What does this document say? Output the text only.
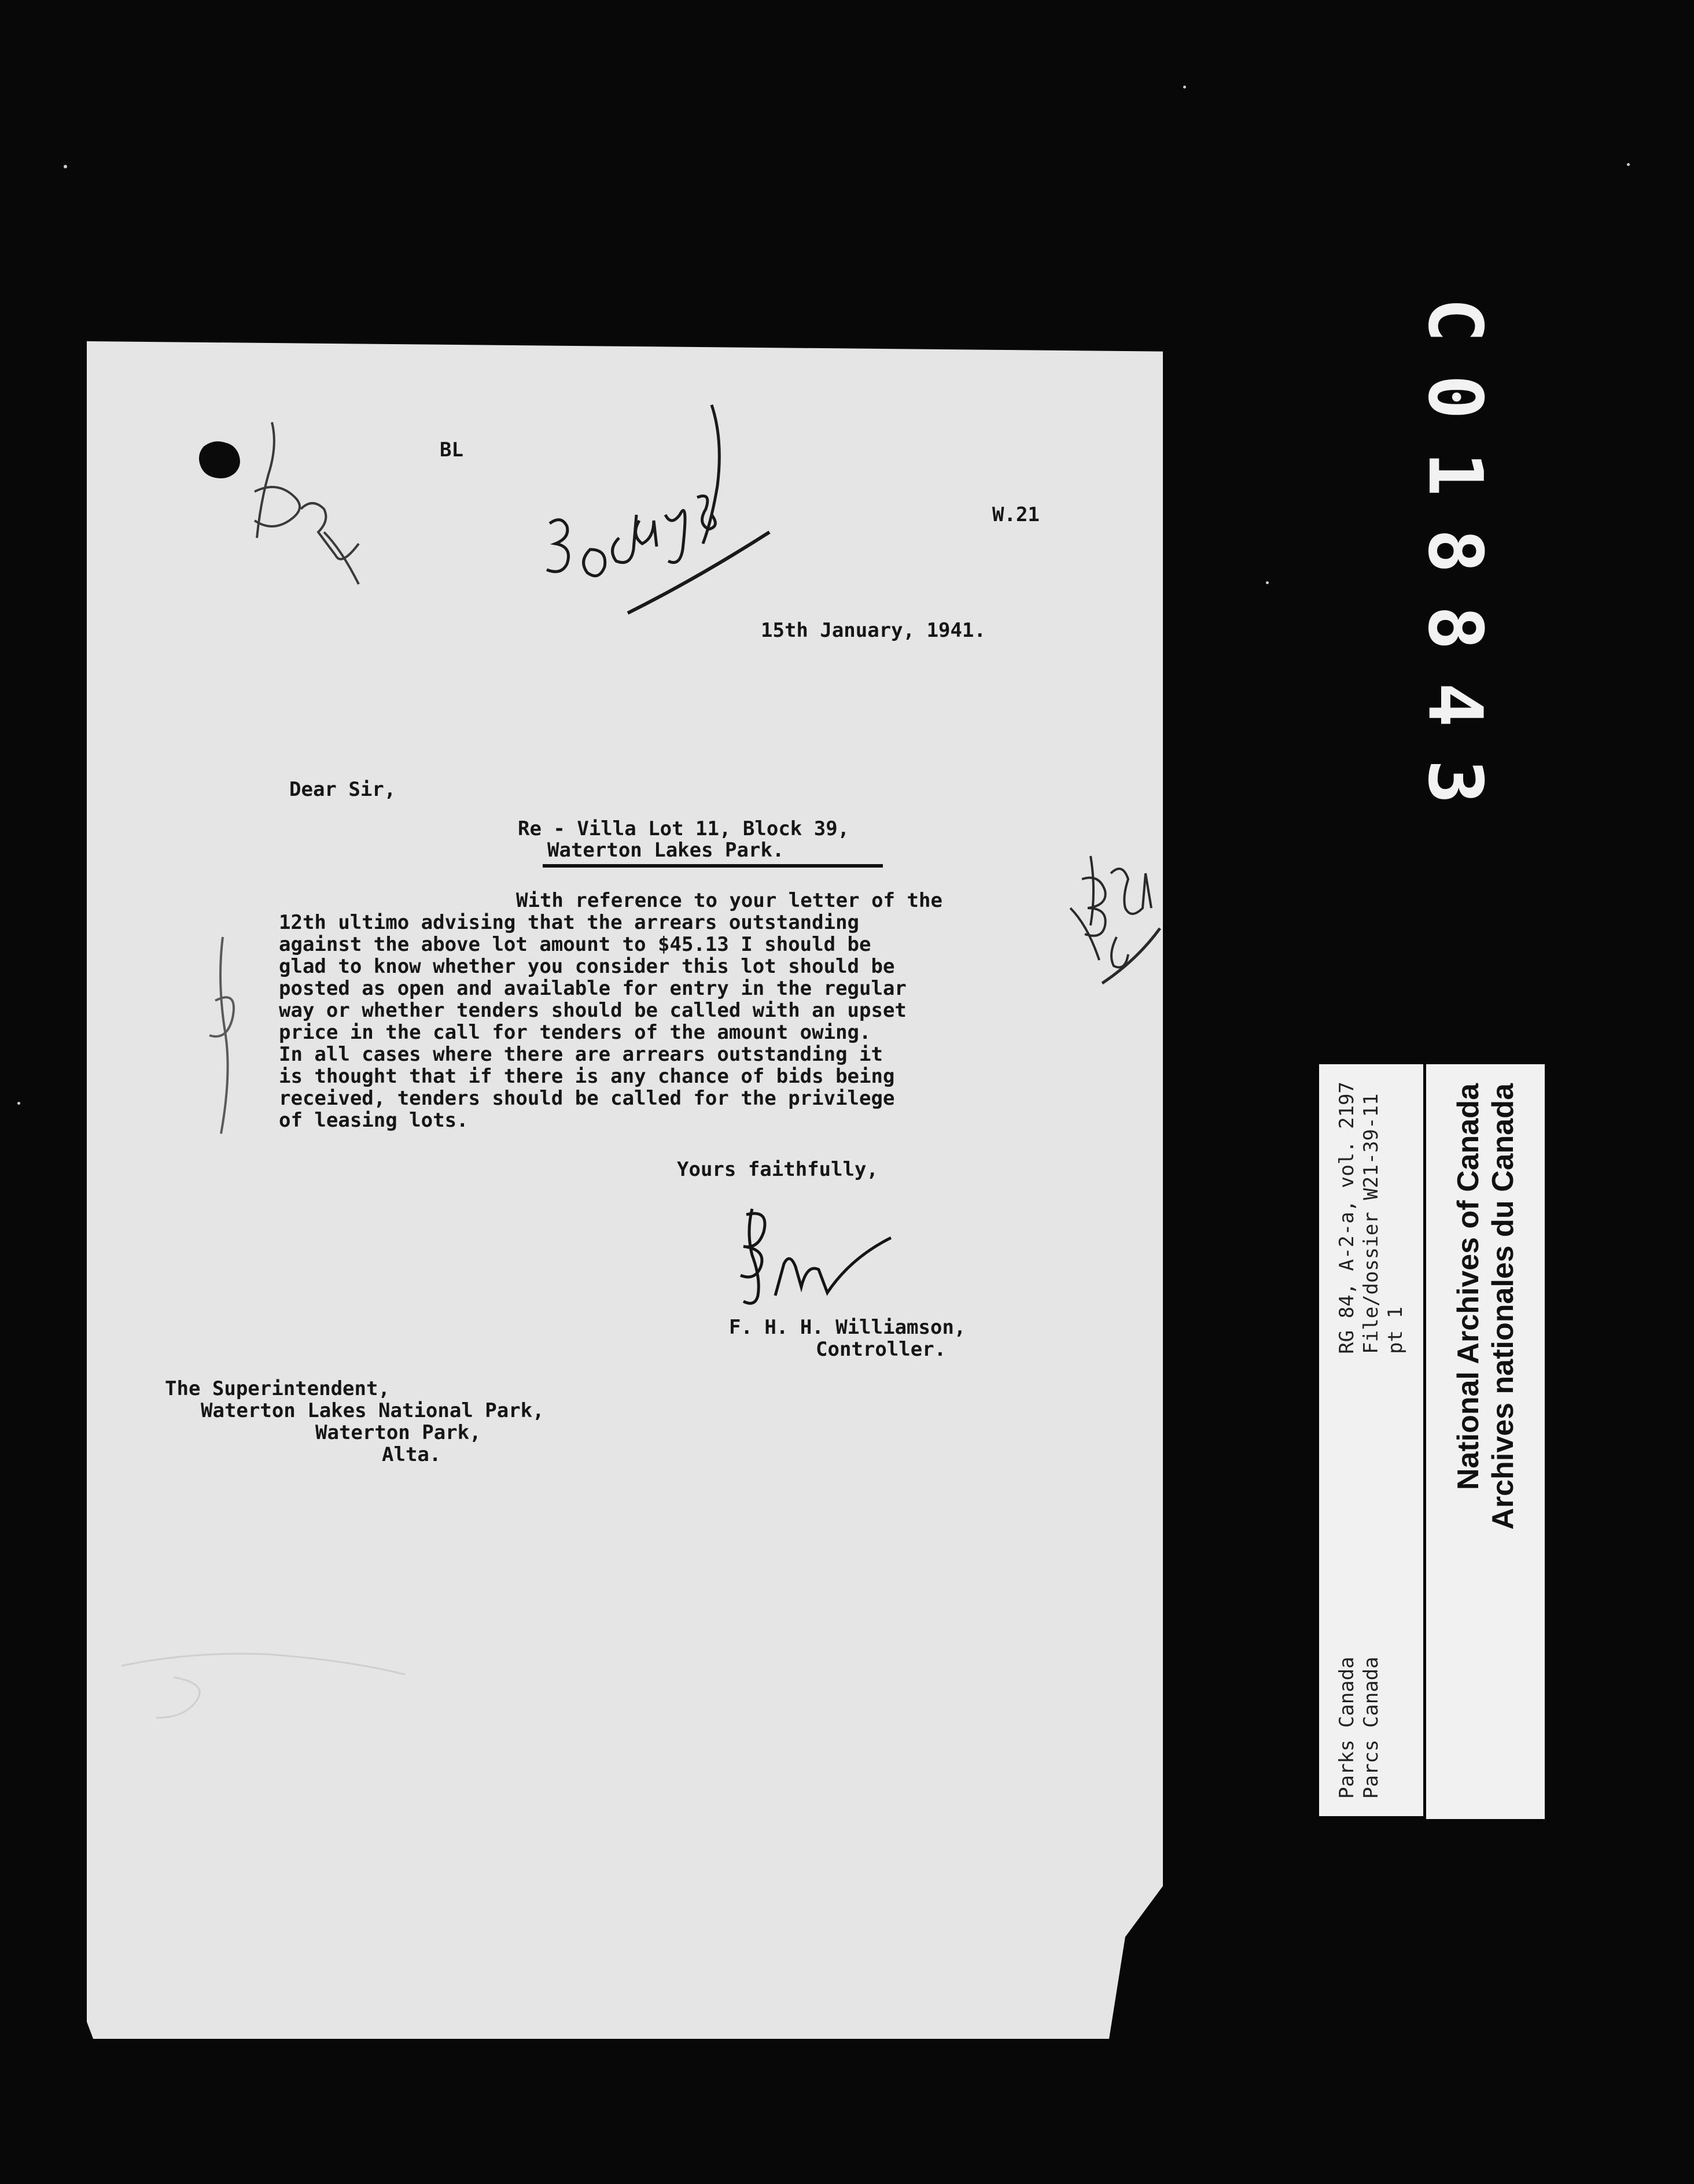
C018843

BL

W.21

15th January, 1941.

Dear Sir,

Re - Villa Lot 11, Block 39,

Waterton Lakes Park.

With reference to your letter of the
12th ultimo advising that the arrears outstanding
against the above lot amount to $45.13 I should be
glad to know whether you consider this lot should be
posted as open and available for entry in the regular
way or whether tenders should be called with an upset
price in the call for tenders of the amount owing.
In all cases where there are arrears outstanding it
is thought that if there is any chance of bids being
received, tenders should be called for the privilege
of leasing lots.

Yours faithfully,

F. H. H. Williamson,

Controller.

The Superintendent,
Waterton Lakes National Park,
Waterton Park,
Alta.
Parks Canada Parcs Canada
RG 84, A-2-a, vol. 2197 File/dossier W21-39-11 pt 1 National Archives of Canada Archives nationales du Canada
